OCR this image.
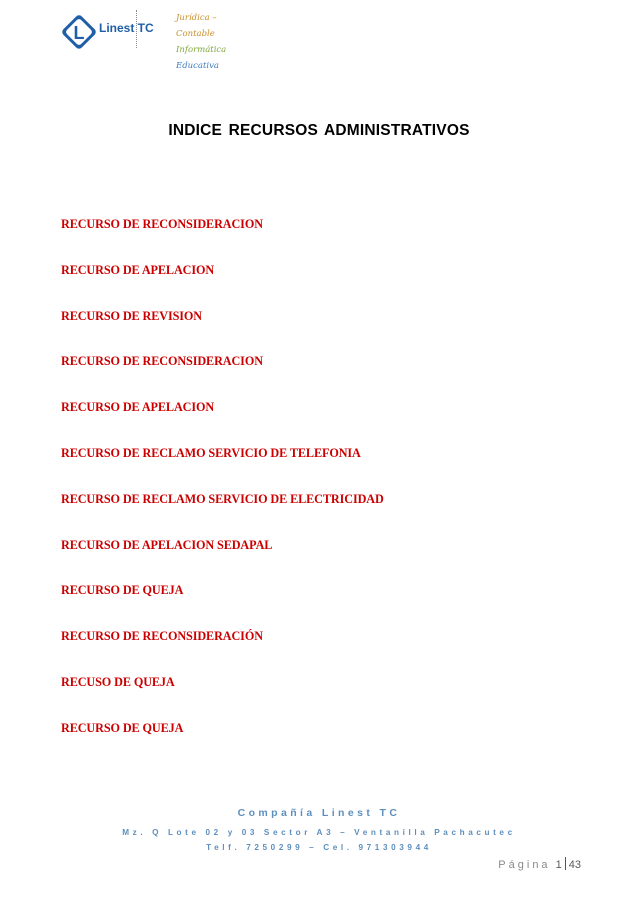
L Linest TC
Jurídica –
Contable
Informática
Educativa
INDICE RECURSOS ADMINISTRATIVOS
RECURSO DE RECONSIDERACION
RECURSO DE APELACION
RECURSO DE REVISION
RECURSO DE RECONSIDERACION
RECURSO DE APELACION
RECURSO DE RECLAMO SERVICIO DE TELEFONIA
RECURSO DE RECLAMO SERVICIO DE ELECTRICIDAD
RECURSO DE APELACION SEDAPAL
RECURSO DE QUEJA
RECURSO DE RECONSIDERACIÓN
RECUSO DE QUEJA
RECURSO DE QUEJA
Compañía Linest TC
Mz. Q Lote 02 y 03 Sector A3 – Ventanilla Pachacutec
Telf. 7250299 – Cel. 971303944
Página 1 43
